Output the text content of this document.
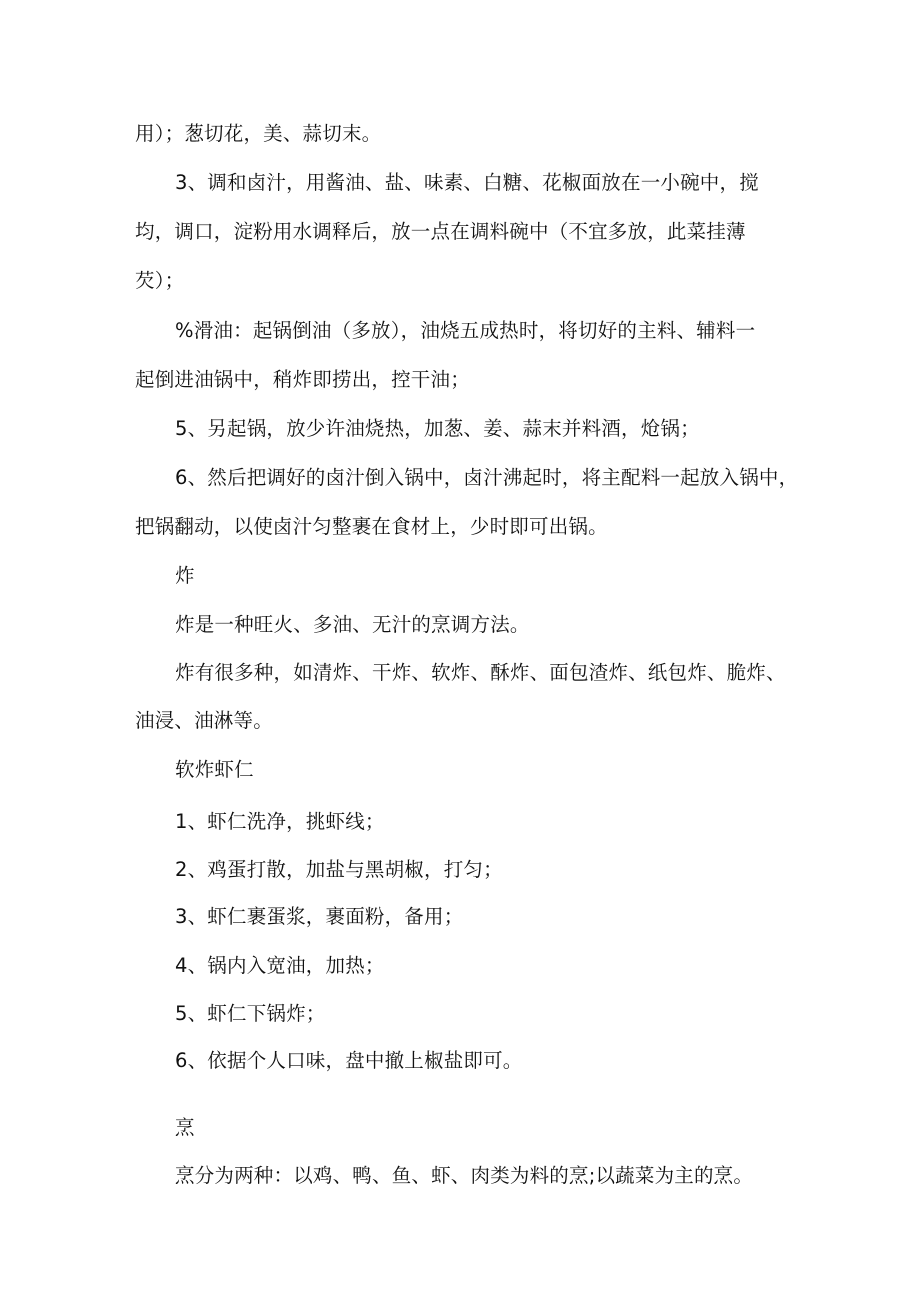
用）；葱切花，美、蒜切末。
3、调和卤汁，用酱油、盐、味素、白糖、花椒面放在一小碗中，搅
均，调口，淀粉用水调释后，放一点在调料碗中（不宜多放，此菜挂薄
芡）；
%滑油：起锅倒油（多放），油烧五成热时，将切好的主料、辅料一
起倒进油锅中，稍炸即捞出，控干油；
5、另起锅，放少许油烧热，加葱、姜、蒜末并料酒，炝锅；
6、然后把调好的卤汁倒入锅中，卤汁沸起时，将主配料一起放入锅中，
把锅翻动，以使卤汁匀整裹在食材上，少时即可出锅。
炸
炸是一种旺火、多油、无汁的烹调方法。
炸有很多种，如清炸、干炸、软炸、酥炸、面包渣炸、纸包炸、脆炸、
油浸、油淋等。
软炸虾仁
1、虾仁洗净，挑虾线；
2、鸡蛋打散，加盐与黑胡椒，打匀；
3、虾仁裹蛋浆，裹面粉，备用；
4、锅内入宽油，加热；
5、虾仁下锅炸；
6、依据个人口味，盘中撤上椒盐即可。
烹
烹分为两种：以鸡、鸭、鱼、虾、肉类为料的烹;以蔬菜为主的烹。
